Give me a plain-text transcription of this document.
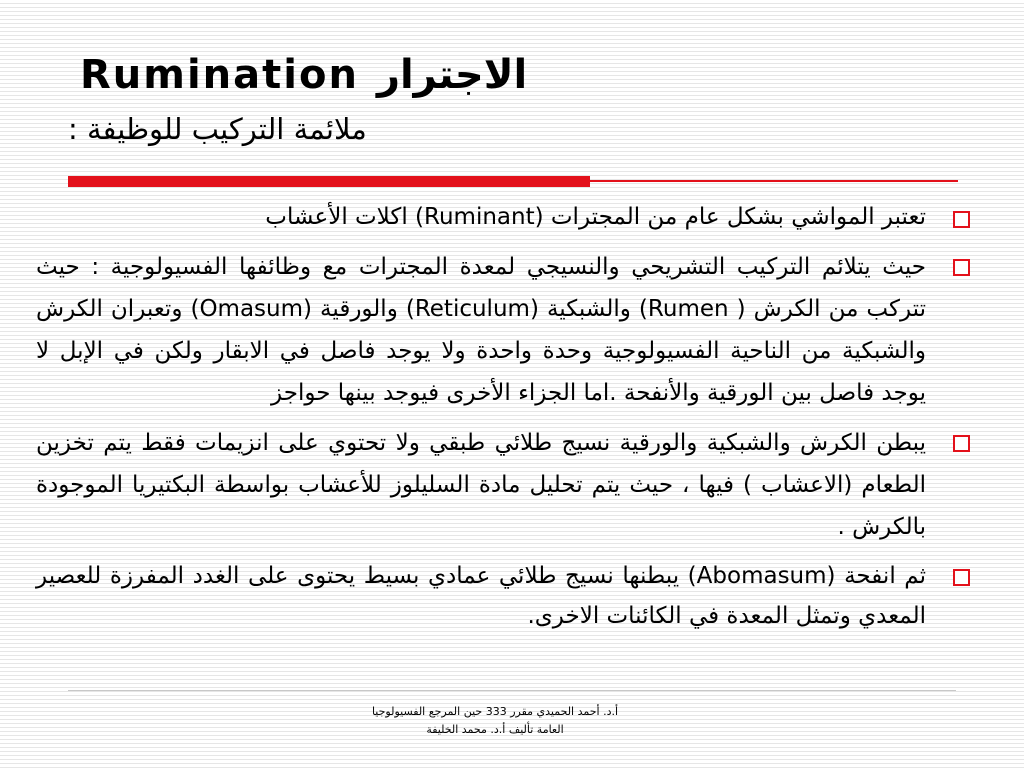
Rumination الاجترار
ملائمة التركيب للوظيفة :
تعتبر المواشي بشكل عام من المجترات (Ruminant) اكلات الأعشاب
حيث يتلائم التركيب التشريحي والنسيجي لمعدة المجترات مع وظائفها الفسيولوجية : حيث تتركب من الكرش ( Rumen) والشبكية (Reticulum) والورقية (Omasum) وتعبران الكرش والشبكية من الناحية الفسيولوجية وحدة واحدة ولا يوجد فاصل في الابقار ولكن في الإبل لا يوجد فاصل بين الورقية والأنفحة .اما الجزاء الأخرى فيوجد بينها حواجز
يبطن الكرش والشبكية والورقية نسيج طلائي طبقي ولا تحتوي على انزيمات فقط يتم تخزين الطعام (الاعشاب ) فيها ، حيث يتم تحليل مادة السليلوز للأعشاب بواسطة البكتيريا الموجودة بالكرش .
ثم انفحة (Abomasum) يبطنها نسيج طلائي عمادي بسيط يحتوى على الغدد المفرزة للعصير المعدي وتمثل المعدة في الكائنات الاخرى.
أ.د. أحمد الحميدي مقرر 333 حين المرجع الفسيولوجيا
العامة تأليف أ.د. محمد الخليفة
